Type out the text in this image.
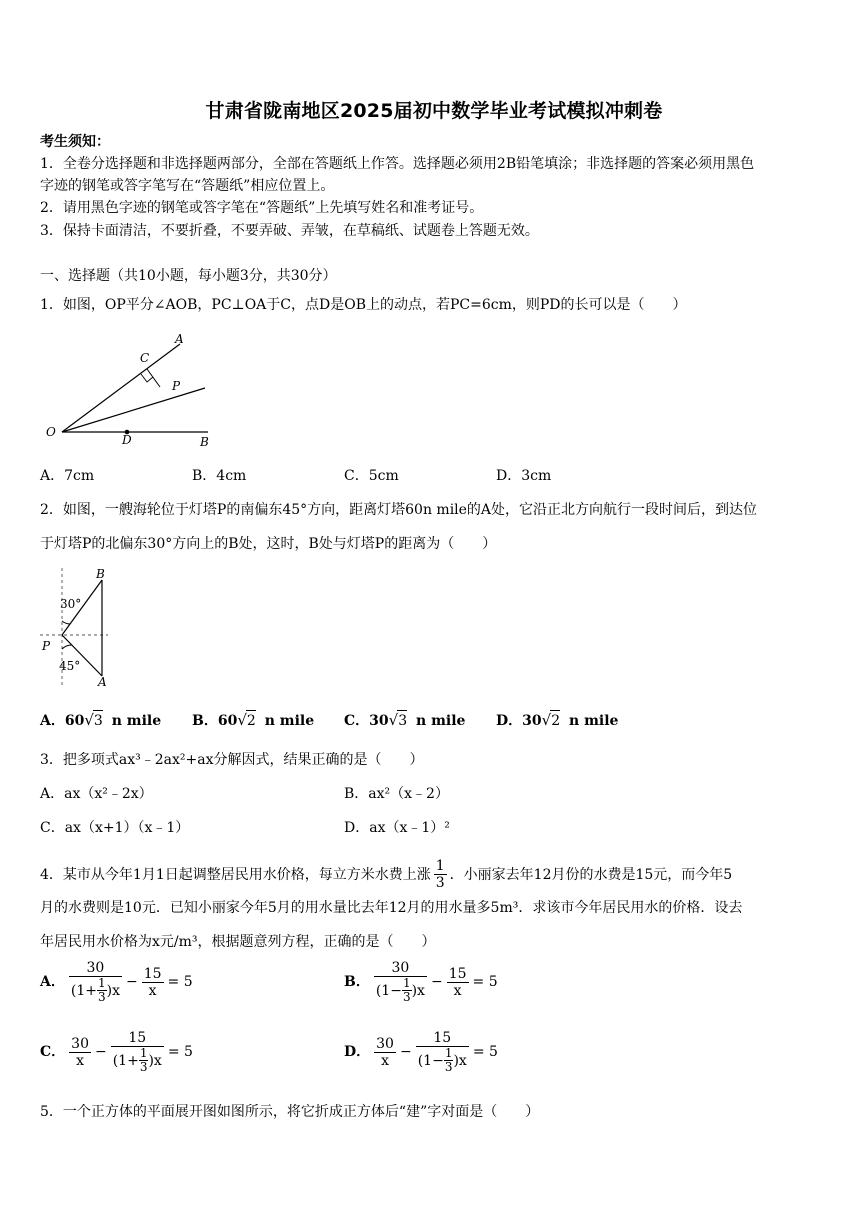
甘肃省陇南地区2025届初中数学毕业考试模拟冲刺卷
考生须知：
1．全卷分选择题和非选择题两部分，全部在答题纸上作答。选择题必须用2B铅笔填涂；非选择题的答案必须用黑色
字迹的钢笔或答字笔写在“答题纸”相应位置上。
2．请用黑色字迹的钢笔或答字笔在“答题纸”上先填写姓名和准考证号。
3．保持卡面清洁，不要折叠，不要弄破、弄皱，在草稿纸、试题卷上答题无效。
一、选择题（共10小题，每小题3分，共30分）
1．如图，OP平分∠AOB，PC⊥OA于C，点D是OB上的动点，若PC=6cm，则PD的长可以是（　　）
A
C
P
O
D	B
A．7cm	B．4cm	C．5cm	D．3cm
2．如图，一艘海轮位于灯塔P的南偏东45°方向，距离灯塔60n mile的A处，它沿正北方向航行一段时间后，到达位
于灯塔P的北偏东30°方向上的B处，这时，B处与灯塔P的距离为（　　）
B
30°
P
45°
A
A．60√3 n mile B．60√2 n mile C．30√3 n mile D．30√2 n mile
3．把多项式ax³﹣2ax²+ax分解因式，结果正确的是（　　）
A．ax（x²﹣2x）	B．ax²（x﹣2）
C．ax（x+1）（x﹣1）	D．ax（x﹣1）²
4．某市从今年1月1日起调整居民用水价格，每立方米水费上涨 $\frac{1}{3}$ ．小丽家去年12月份的水费是15元，而今年5
月的水费则是10元．已知小丽家今年5月的用水量比去年12月的用水量多5m³．求该市今年居民用水的价格．设去
年居民用水价格为x元/m³，根据题意列方程，正确的是（　　）
A． $\frac{30}{(1+ \frac{1}{3} )x} - \frac{15}{x} = 5$	B． $\frac{30}{(1- \frac{1}{3} )x} - \frac{15}{x} = 5$
C． $\frac{30}{x} - \frac{15}{(1+ \frac{1}{3} )x} = 5$	D． $\frac{30}{x} - \frac{15}{(1- \frac{1}{3} )x} = 5$
5．一个正方体的平面展开图如图所示，将它折成正方体后“建”字对面是（　　）
